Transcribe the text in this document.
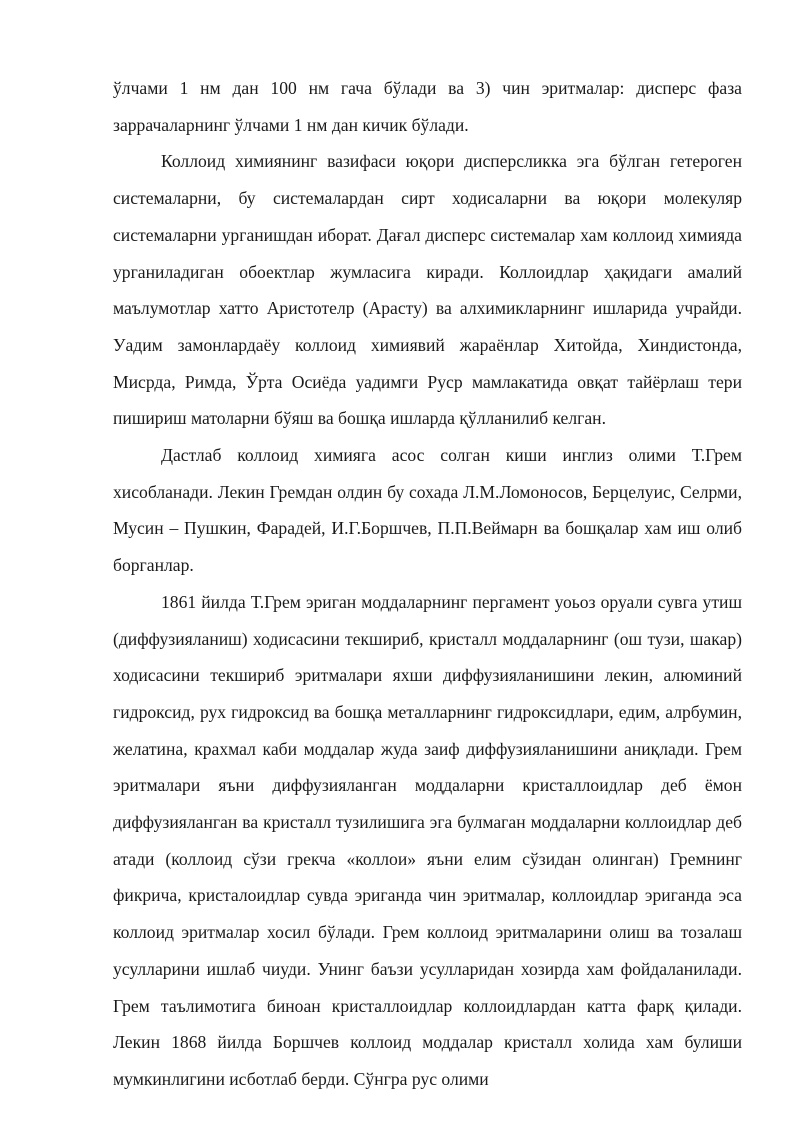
ўлчами 1 нм дан 100 нм гача бўлади ва 3) чин эритмалар: дисперс фаза заррачаларнинг ўлчами 1 нм дан кичик бўлади.

Коллоид химиянинг вазифаси юқори дисперсликка эга бўлган гетероген системаларни, бу системалардан сирт ходисаларни ва юқори молекуляр системаларни урганишдан иборат. Дағал дисперс системалар хам коллоид химияда урганиладиган обоектлар жумласига киради. Коллоидлар ҳақидаги амалий маълумотлар хатто Аристотелр (Арасту) ва алхимикларнинг ишларида учрайди. Уадим замонлардаёу коллоид химиявий жараёнлар Хитойда, Хиндистонда, Мисрда, Римда, Ўрта Осиёда уадимги Руср мамлакатида овқат тайёрлаш тери пишириш матоларни бўяш ва бошқа ишларда қўлланилиб келган.

Дастлаб коллоид химияга асос солган киши инглиз олими Т.Грем хисобланади. Лекин Гремдан олдин бу сохада Л.М.Ломоносов, Берцелуис, Селрми, Мусин – Пушкин, Фарадей, И.Г.Боршчев, П.П.Веймарн ва бошқалар хам иш олиб борганлар.

1861 йилда Т.Грем эриган моддаларнинг пергамент уоьоз оруали сувга утиш (диффузияланиш) ходисасини текшириб, кристалл моддаларнинг (ош тузи, шакар) ходисасини текшириб эритмалари яхши диффузияланишини лекин, алюминий гидроксид, рух гидроксид ва бошқа металларнинг гидроксидлари, едим, алрбумин, желатина, крахмал каби моддалар жуда заиф диффузияланишини аниқлади. Грем эритмалари яъни диффузияланган моддаларни кристаллоидлар деб ёмон диффузияланган ва кристалл тузилишига эга булмаган моддаларни коллоидлар деб атади (коллоид сўзи грекча «коллои» яъни елим сўзидан олинган) Гремнинг фикрича, кристалоидлар сувда эриганда чин эритмалар, коллоидлар эриганда эса коллоид эритмалар хосил бўлади. Грем коллоид эритмаларини олиш ва тозалаш усулларини ишлаб чиуди. Унинг баъзи усулларидан хозирда хам фойдаланилади. Грем таълимотига биноан кристаллоидлар коллоидлардан катта фарқ қилади. Лекин 1868 йилда Боршчев коллоид моддалар кристалл холида хам булиши мумкинлигини исботлаб берди. Сўнгра рус олими
